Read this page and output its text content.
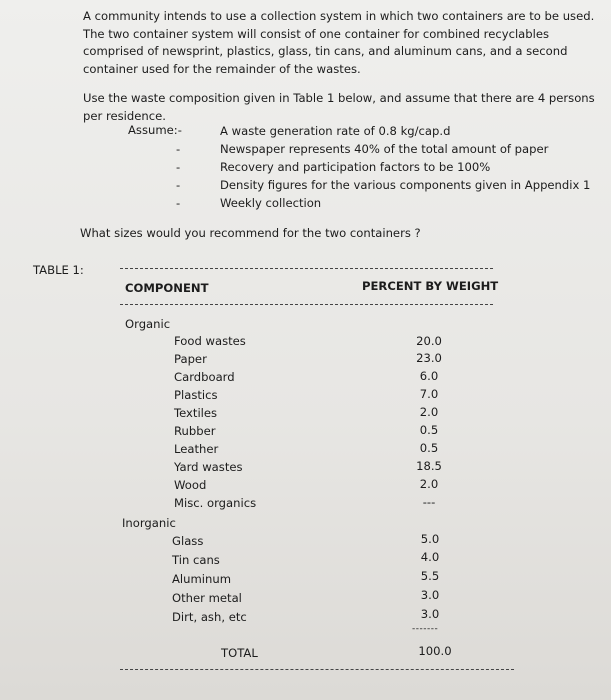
A community intends to use a collection system in which two containers are to be used.
The two container system will consist of one container for combined recyclables
comprised of newsprint, plastics, glass, tin cans, and aluminum cans, and a second
container used for the remainder of the wastes.
Use the waste composition given in Table 1 below, and assume that there are 4 persons
per residence.
Assume:-	A waste generation rate of 0.8 kg/cap.d
-	Newspaper represents 40% of the total amount of paper
-	Recovery and participation factors to be 100%
-	Density figures for the various components given in Appendix 1
-	Weekly collection
What sizes would you recommend for the two containers ?
TABLE 1:
COMPONENT	PERCENT BY WEIGHT
Organic
Food wastes	20.0
Paper	23.0
Cardboard	6.0
Plastics	7.0
Textiles	2.0
Rubber	0.5
Leather	0.5
Yard wastes	18.5
Wood	2.0
Misc. organics	---
Inorganic
Glass	5.0
Tin cans	4.0
Aluminum	5.5
Other metal	3.0
Dirt, ash, etc	3.0
-------
TOTAL	100.0
